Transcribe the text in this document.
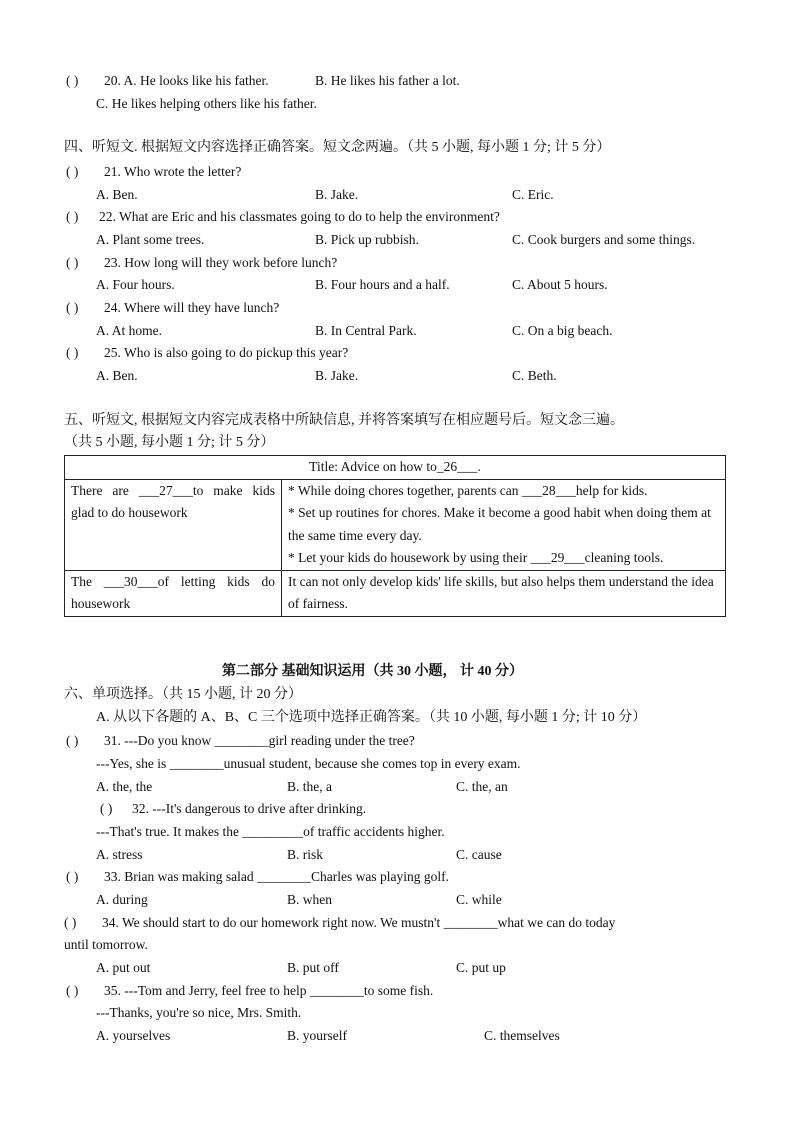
( ) 20. A. He looks like his father.	B. He likes his father a lot.
C. He likes helping others like his father.
四、听短文. 根据短文内容选择正确答案。短文念两遍。（共 5 小题, 每小题 1 分; 计 5 分）
( ) 21. Who wrote the letter?
A. Ben.	B. Jake.	C. Eric.
( ) 22. What are Eric and his classmates going to do to help the environment?
A. Plant some trees.	B. Pick up rubbish.	C. Cook burgers and some things.
( ) 23. How long will they work before lunch?
A. Four hours.	B. Four hours and a half.	C. About 5 hours.
( ) 24. Where will they have lunch?
A. At home.	B. In Central Park.	C. On a big beach.
( ) 25. Who is also going to do pickup this year?
A. Ben.	B. Jake.	C. Beth.
五、听短文, 根据短文内容完成表格中所缺信息, 并将答案填写在相应题号后。短文念三遍。
（共 5 小题, 每小题 1 分; 计 5 分）
Title: Advice on how to_26___.	
There are ___27___to make kids glad to do housework	* While doing chores together, parents can ___28___help for kids.
* Set up routines for chores. Make it become a good habit when doing them at the same time every day.
* Let your kids do housework by using their ___29___cleaning tools.

The ___30___of letting kids do housework	It can not only develop kids' life skills, but also helps them understand the idea of fairness.
第二部分 基础知识运用（共 30 小题， 计 40 分）
六、单项选择。（共 15 小题, 计 20 分）
A. 从以下各题的 A、B、C 三个选项中选择正确答案。（共 10 小题, 每小题 1 分; 计 10 分）
( ) 31. ---Do you know ________girl reading under the tree?
---Yes, she is ________unusual student, because she comes top in every exam.
A. the, the	B. the, a	C. the, an
( ) 32. ---It's dangerous to drive after drinking.
---That's true. It makes the _________of traffic accidents higher.
A. stress	B. risk	C. cause
( ) 33. Brian was making salad ________Charles was playing golf.
A. during	B. when	C. while
( ) 34. We should start to do our homework right now. We mustn't ________what we can do today
until tomorrow.
A. put out	B. put off	C. put up
( ) 35. ---Tom and Jerry, feel free to help ________to some fish.
---Thanks, you're so nice, Mrs. Smith.
A. yourselves	B. yourself	C. themselves
